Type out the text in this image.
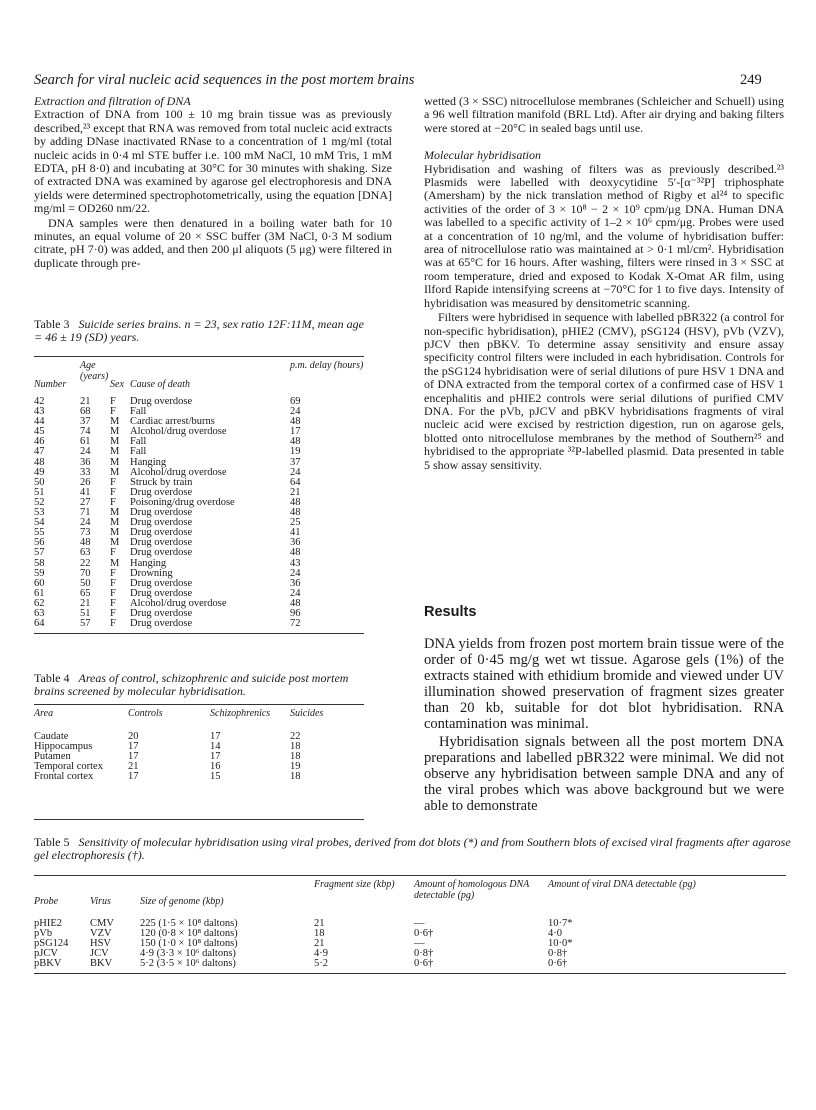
Search for viral nucleic acid sequences in the post mortem brains	249
Extraction and filtration of DNA

Extraction of DNA from 100 ± 10 mg brain tissue was as previously described,²³ except that RNA was removed from total nucleic acid extracts by adding DNase inactivated RNase to a concentration of 1 mg/ml (total nucleic acids in 0·4 ml STE buffer i.e. 100 mM NaCl, 10 mM Tris, 1 mM EDTA, pH 8·0) and incubating at 30°C for 30 minutes with shaking. Size of extracted DNA was examined by agarose gel electrophoresis and DNA yields were determined spectrophotometrically, using the equation [DNA] mg/ml = OD260 nm/22.

DNA samples were then denatured in a boiling water bath for 10 minutes, an equal volume of 20 × SSC buffer (3M NaCl, 0·3 M sodium citrate, pH 7·0) was added, and then 200 μl aliquots (5 μg) were filtered in duplicate through pre-

Table 3 Suicide series brains. n = 23, sex ratio 12F:11M, mean age = 46 ± 19 (SD) years.
Number	Age (years)	Sex	Cause of death	p.m. delay (hours)
42	21	F	Drug overdose	69
43	68	F	Fall	24
44	37	M	Cardiac arrest/burns	48
45	74	M	Alcohol/drug overdose	17
46	61	M	Fall	48
47	24	M	Fall	19
48	36	M	Hanging	37
49	33	M	Alcohol/drug overdose	24
50	26	F	Struck by train	64
51	41	F	Drug overdose	21
52	27	F	Poisoning/drug overdose	48
53	71	M	Drug overdose	48
54	24	M	Drug overdose	25
55	73	M	Drug overdose	41
56	48	M	Drug overdose	36
57	63	F	Drug overdose	48
58	22	M	Hanging	43
59	70	F	Drowning	24
60	50	F	Drug overdose	36
61	65	F	Drug overdose	24
62	21	F	Alcohol/drug overdose	48
63	51	F	Drug overdose	96
64	57	F	Drug overdose	72
Table 4 Areas of control, schizophrenic and suicide post mortem brains screened by molecular hybridisation.
Area	Controls	Schizophrenics	Suicides
Caudate	20	17	22
Hippocampus	17	14	18
Putamen	17	17	18
Temporal cortex	21	16	19
Frontal cortex	17	15	18

wetted (3 × SSC) nitrocellulose membranes (Schleicher and Schuell) using a 96 well filtration manifold (BRL Ltd). After air drying and baking filters were stored at −20°C in sealed bags until use.

Molecular hybridisation

Hybridisation and washing of filters was as previously described.²³ Plasmids were labelled with deoxycytidine 5′-[α⁻³²P] triphosphate (Amersham) by the nick translation method of Rigby et al²⁴ to specific activities of the order of 3 × 10⁸ − 2 × 10⁹ cpm/μg DNA. Human DNA was labelled to a specific activity of 1–2 × 10⁶ cpm/μg. Probes were used at a concentration of 10 ng/ml, and the volume of hybridisation buffer: area of nitrocellulose ratio was maintained at > 0·1 ml/cm². Hybridisation was at 65°C for 16 hours. After washing, filters were rinsed in 3 × SSC at room temperature, dried and exposed to Kodak X-Omat AR film, using Ilford Rapide intensifying screens at −70°C for 1 to five days. Intensity of hybridisation was measured by densitometric scanning.

Filters were hybridised in sequence with labelled pBR322 (a control for non-specific hybridisation), pHIE2 (CMV), pSG124 (HSV), pVb (VZV), pJCV then pBKV. To determine assay sensitivity and ensure assay specificity control filters were included in each hybridisation. Controls for the pSG124 hybridisation were of serial dilutions of pure HSV 1 DNA and of DNA extracted from the temporal cortex of a confirmed case of HSV 1 encephalitis and pHIE2 controls were serial dilutions of purified CMV DNA. For the pVb, pJCV and pBKV hybridisations fragments of viral nucleic acid were excised by restriction digestion, run on agarose gels, blotted onto nitrocellulose membranes by the method of Southern²⁵ and hybridised to the appropriate ³²P-labelled plasmid. Data presented in table 5 show assay sensitivity.

Results

DNA yields from frozen post mortem brain tissue were of the order of 0·45 mg/g wet wt tissue. Agarose gels (1%) of the extracts stained with ethidium bromide and viewed under UV illumination showed preservation of fragment sizes greater than 20 kb, suitable for dot blot hybridisation. RNA contamination was minimal.

Hybridisation signals between all the post mortem DNA preparations and labelled pBR322 were minimal. We did not observe any hybridisation between sample DNA and any of the viral probes which was above background but we were able to demonstrate

Table 5 Sensitivity of molecular hybridisation using viral probes, derived from dot blots (*) and from Southern blots of excised viral fragments after agarose gel electrophoresis (†).
Probe	Virus	Size of genome (kbp)	Fragment size (kbp)	Amount of homologous DNA detectable (pg)	Amount of viral DNA detectable (pg)
pHIE2	CMV	225 (1·5 × 10⁸ daltons)	21	—	10·7*
pVb	VZV	120 (0·8 × 10⁸ daltons)	18	0·6†	4·0
pSG124	HSV	150 (1·0 × 10⁸ daltons)	21	—	10·0*
pJCV	JCV	4·9 (3·3 × 10⁶ daltons)	4·9	0·8†	0·8†
pBKV	BKV	5·2 (3·5 × 10⁶ daltons)	5·2	0·6†	0·6†
